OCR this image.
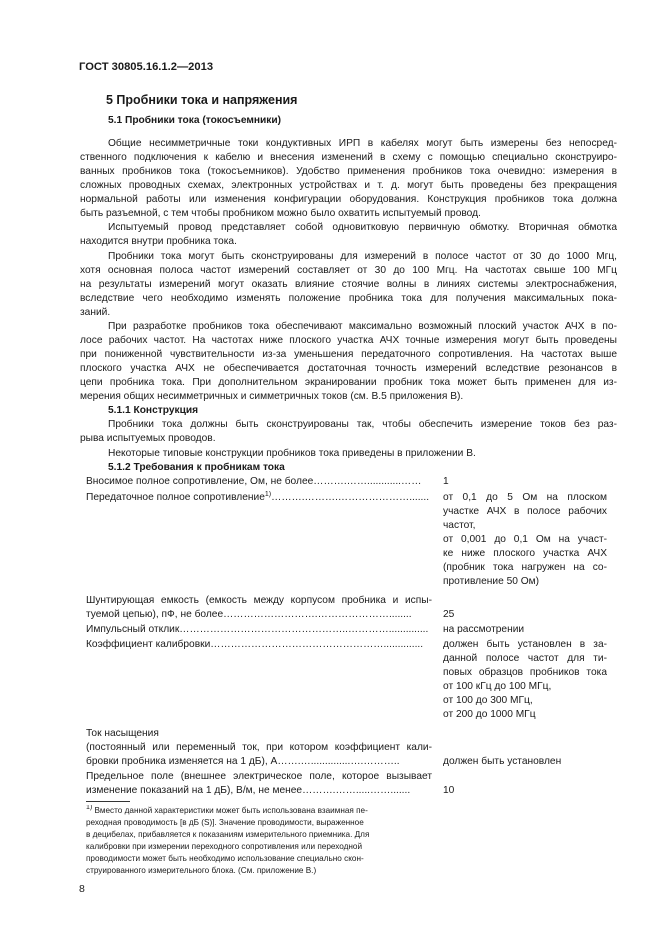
ГОСТ 30805.16.1.2—2013
5 Пробники тока и напряжения
5.1 Пробники тока (токосъемники)
Общие несимметричные токи кондуктивных ИРП в кабелях могут быть измерены без непосред-
ственного подключения к кабелю и внесения изменений в схему с помощью специально сконструиро-
ванных пробников тока (токосъемников). Удобство применения пробников тока очевидно: измерения в
сложных проводных схемах, электронных устройствах и т. д. могут быть проведены без прекращения
нормальной работы или изменения конфигурации оборудования. Конструкция пробников тока должна
быть разъемной, с тем чтобы пробником можно было охватить испытуемый провод.
Испытуемый провод представляет собой одновитковую первичную обмотку. Вторичная обмотка
находится внутри пробника тока.
Пробники тока могут быть сконструированы для измерений в полосе частот от 30 до 1000 Мгц,
хотя основная полоса частот измерений составляет от 30 до 100 Мгц. На частотах свыше 100 МГц
на результаты измерений могут оказать влияние стоячие волны в линиях системы электроснабжения,
вследствие чего необходимо изменять положение пробника тока для получения максимальных пока-
заний.
При разработке пробников тока обеспечивают максимально возможный плоский участок АЧХ в по-
лосе рабочих частот. На частотах ниже плоского участка АЧХ точные измерения могут быть проведены
при пониженной чувствительности из-за уменьшения передаточного сопротивления. На частотах выше
плоского участка АЧХ не обеспечивается достаточная точность измерений вследствие резонансов в
цепи пробника тока. При дополнительном экранировании пробник тока может быть применен для из-
мерения общих несимметричных и симметричных токов (см. В.5 приложения В).
5.1.1 Конструкция
Пробники тока должны быть сконструированы так, чтобы обеспечить измерение токов без раз-
рыва испытуемых проводов.
Некоторые типовые конструкции пробников тока приведены в приложении В.
5.1.2 Требования к пробникам тока
Вносимое полное сопротивление, Ом, не более……….……............……	1
Передаточное полное сопротивление$^{1)}$……….……….…………………....... от 0,1 до 5 Ом на плоском
участке АЧХ в полосе рабочих
частот,
от 0,001 до 0,1 Ом на участ-
ке ниже плоского участка АЧХ
(пробник тока нагружен на со-
противление 50 Ом)
Шунтирующая емкость (емкость между корпусом пробника и испы-
туемой цепью), пФ, не более……………………….…………………........	25
Импульсный отклик…………………………………………..…………..............	на рассмотрении
Коэффициент калибровки……………………………………………..............	должен быть установлен в за-
данной полосе частот для ти-
повых образцов пробников тока
от 100 кГц до 100 МГц,
от 100 до 300 МГц,
от 200 до 1000 МГц
Ток насыщения
(постоянный или переменный ток, при котором коэффициент кали-
бровки пробника изменяется на 1 дБ), А…….…..............….………..	должен быть установлен
Предельное поле (внешнее электрическое поле, которое вызывает
изменение показаний на 1 дБ), В/м, не менее……….…….....…….......	10
$^{1)}$ Вместо данной характеристики может быть использована взаимная пе-
реходная проводимость [в дБ (S)]. Значение проводимости, выраженное
в децибелах, прибавляется к показаниям измерительного приемника. Для
калибровки при измерении переходного сопротивления или переходной
проводимости может быть необходимо использование специально скон-
струированного измерительного блока. (См. приложение В.)
8
